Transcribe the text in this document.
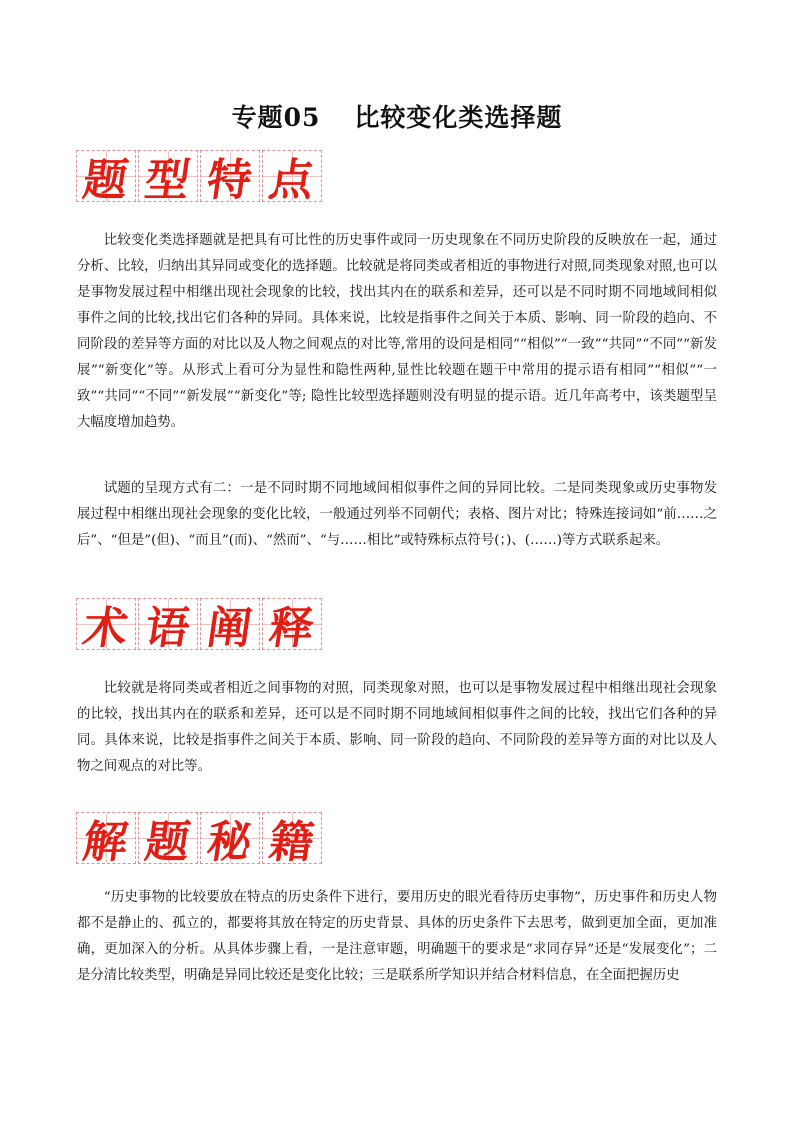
专题05 比较变化类选择题
题 型 特 点

比较变化类选择题就是把具有可比性的历史事件或同一历史现象在不同历史阶段的反映放在一起，通过分析、比较，归纳出其异同或变化的选择题。比较就是将同类或者相近的事物进行对照,同类现象对照,也可以是事物发展过程中相继出现社会现象的比较，找出其内在的联系和差异，还可以是不同时期不同地域间相似事件之间的比较,找出它们各种的异同。具体来说，比较是指事件之间关于本质、影响、同一阶段的趋向、不同阶段的差异等方面的对比以及人物之间观点的对比等,常用的设问是相同”“相似”“一致”“共同”“不同”“新发展”“新变化”等。从形式上看可分为显性和隐性两种,显性比较题在题干中常用的提示语有相同”“相似”“一致”“共同”“不同”“新发展”“新变化”等; 隐性比较型选择题则没有明显的提示语。近几年高考中，该类题型呈大幅度增加趋势。

试题的呈现方式有二：一是不同时期不同地域间相似事件之间的异同比较。二是同类现象或历史事物发展过程中相继出现社会现象的变化比较，一般通过列举不同朝代；表格、图片对比；特殊连接词如“前……之后”、“但是”(但)、“而且”(而)、“然而”、“与……相比”或特殊标点符号(；)、(……)等方式联系起来。

术 语 阐 释

比较就是将同类或者相近之间事物的对照，同类现象对照，也可以是事物发展过程中相继出现社会现象的比较，找出其内在的联系和差异，还可以是不同时期不同地域间相似事件之间的比较，找出它们各种的异同。具体来说，比较是指事件之间关于本质、影响、同一阶段的趋向、不同阶段的差异等方面的对比以及人物之间观点的对比等。

解 题 秘 籍

“历史事物的比较要放在特点的历史条件下进行，要用历史的眼光看待历史事物”，历史事件和历史人物都不是静止的、孤立的，都要将其放在特定的历史背景、具体的历史条件下去思考，做到更加全面，更加准确，更加深入的分析。从具体步骤上看，一是注意审题，明确题干的要求是“求同存异”还是“发展变化”；二是分清比较类型，明确是异同比较还是变化比较；三是联系所学知识并结合材料信息，在全面把握历史
